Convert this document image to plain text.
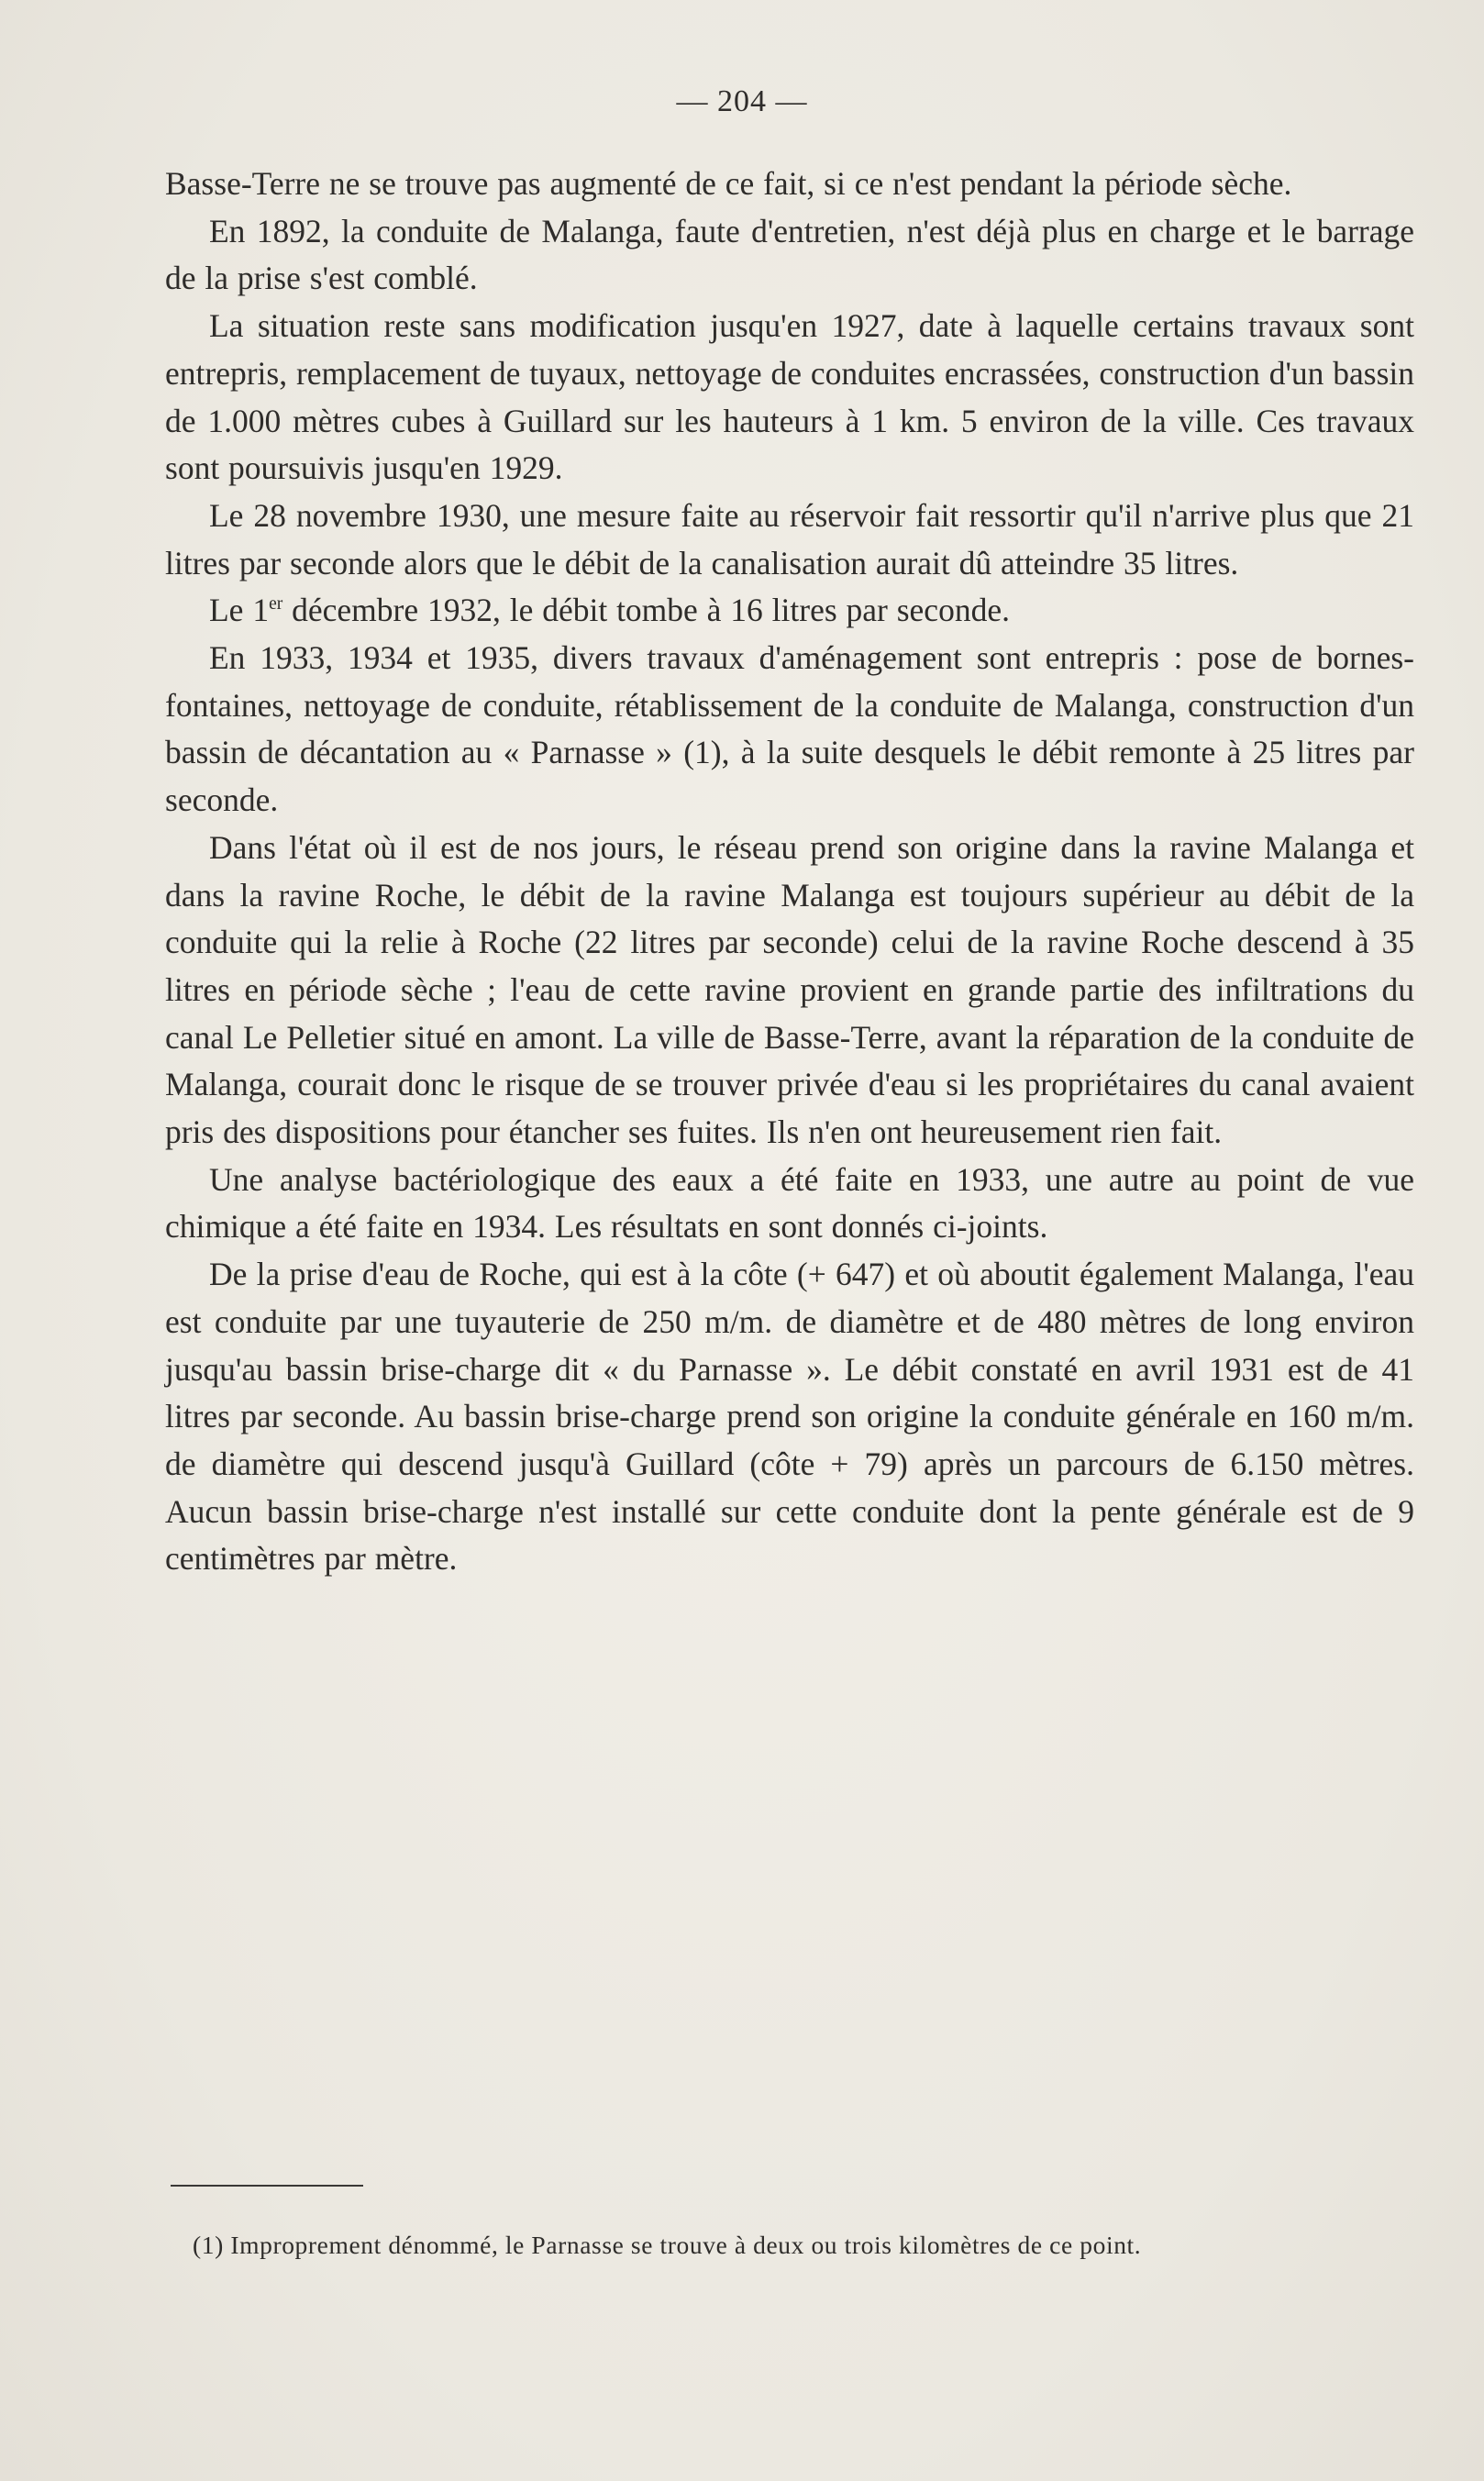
— 204 —

Basse-Terre ne se trouve pas augmenté de ce fait, si ce n'est pendant la période sèche.

En 1892, la conduite de Malanga, faute d'entretien, n'est déjà plus en charge et le barrage de la prise s'est comblé.

La situation reste sans modification jusqu'en 1927, date à laquelle certains travaux sont entrepris, remplacement de tuyaux, nettoyage de conduites encrassées, construction d'un bassin de 1.000 mètres cubes à Guillard sur les hauteurs à 1 km. 5 environ de la ville. Ces travaux sont poursuivis jusqu'en 1929.

Le 28 novembre 1930, une mesure faite au réservoir fait ressortir qu'il n'arrive plus que 21 litres par seconde alors que le débit de la canalisation aurait dû atteindre 35 litres.

Le 1er décembre 1932, le débit tombe à 16 litres par seconde.

En 1933, 1934 et 1935, divers travaux d'aménagement sont entrepris : pose de bornes-fontaines, nettoyage de conduite, rétablissement de la conduite de Malanga, construction d'un bassin de décantation au « Parnasse » (1), à la suite desquels le débit remonte à 25 litres par seconde.

Dans l'état où il est de nos jours, le réseau prend son origine dans la ravine Malanga et dans la ravine Roche, le débit de la ravine Malanga est toujours supérieur au débit de la conduite qui la relie à Roche (22 litres par seconde) celui de la ravine Roche descend à 35 litres en période sèche ; l'eau de cette ravine provient en grande partie des infiltrations du canal Le Pelletier situé en amont. La ville de Basse-Terre, avant la réparation de la conduite de Malanga, courait donc le risque de se trouver privée d'eau si les propriétaires du canal avaient pris des dispositions pour étancher ses fuites. Ils n'en ont heureusement rien fait.

Une analyse bactériologique des eaux a été faite en 1933, une autre au point de vue chimique a été faite en 1934. Les résultats en sont donnés ci-joints.

De la prise d'eau de Roche, qui est à la côte (+ 647) et où aboutit également Malanga, l'eau est conduite par une tuyauterie de 250 m/m. de diamètre et de 480 mètres de long environ jusqu'au bassin brise-charge dit « du Parnasse ». Le débit constaté en avril 1931 est de 41 litres par seconde. Au bassin brise-charge prend son origine la conduite générale en 160 m/m. de diamètre qui descend jusqu'à Guillard (côte + 79) après un parcours de 6.150 mètres. Aucun bassin brise-charge n'est installé sur cette conduite dont la pente générale est de 9 centimètres par mètre.

(1) Improprement dénommé, le Parnasse se trouve à deux ou trois kilomètres de ce point.
